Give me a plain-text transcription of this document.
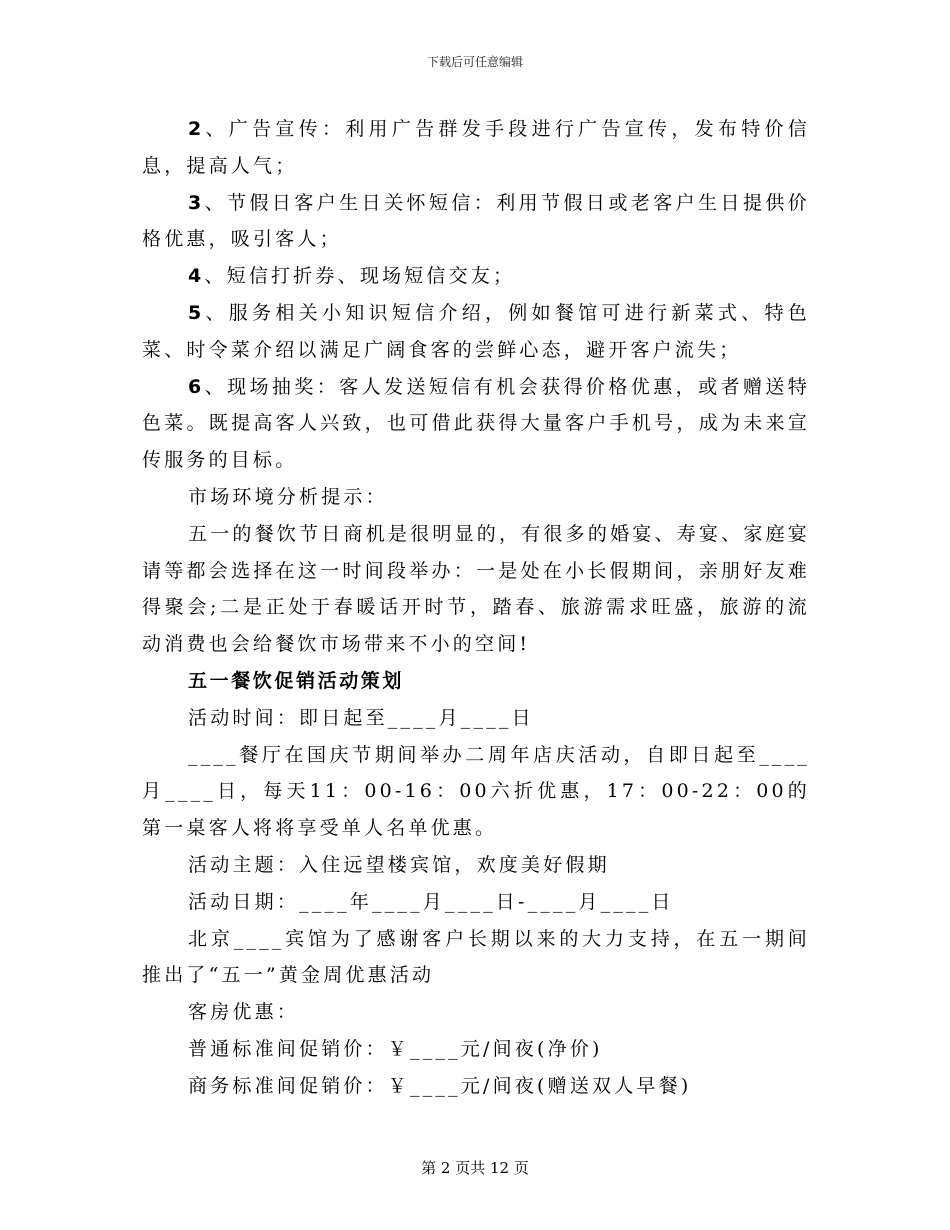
下载后可任意编辑

2、广告宣传：利用广告群发手段进行广告宣传，发布特价信息，提高人气；

3、节假日客户生日关怀短信：利用节假日或老客户生日提供价格优惠，吸引客人；

4、短信打折券、现场短信交友；

5、服务相关小知识短信介绍，例如餐馆可进行新菜式、特色菜、时令菜介绍以满足广阔食客的尝鲜心态，避开客户流失；

6、现场抽奖：客人发送短信有机会获得价格优惠，或者赠送特色菜。既提高客人兴致，也可借此获得大量客户手机号，成为未来宣传服务的目标。

市场环境分析提示：

五一的餐饮节日商机是很明显的，有很多的婚宴、寿宴、家庭宴请等都会选择在这一时间段举办：一是处在小长假期间，亲朋好友难得聚会;二是正处于春暖话开时节，踏春、旅游需求旺盛，旅游的流动消费也会给餐饮市场带来不小的空间!

五一餐饮促销活动策划

活动时间：即日起至____月____日

____餐厅在国庆节期间举办二周年店庆活动，自即日起至____月____日，每天11：00-16：00六折优惠，17：00-22：00的第一桌客人将将享受单人名单优惠。

活动主题：入住远望楼宾馆，欢度美好假期

活动日期：____年____月____日-____月____日

北京____宾馆为了感谢客户长期以来的大力支持，在五一期间推出了“五一”黄金周优惠活动

客房优惠：

普通标准间促销价：￥____元/间夜(净价)

商务标准间促销价：￥____元/间夜(赠送双人早餐)

第 2 页共 12 页
